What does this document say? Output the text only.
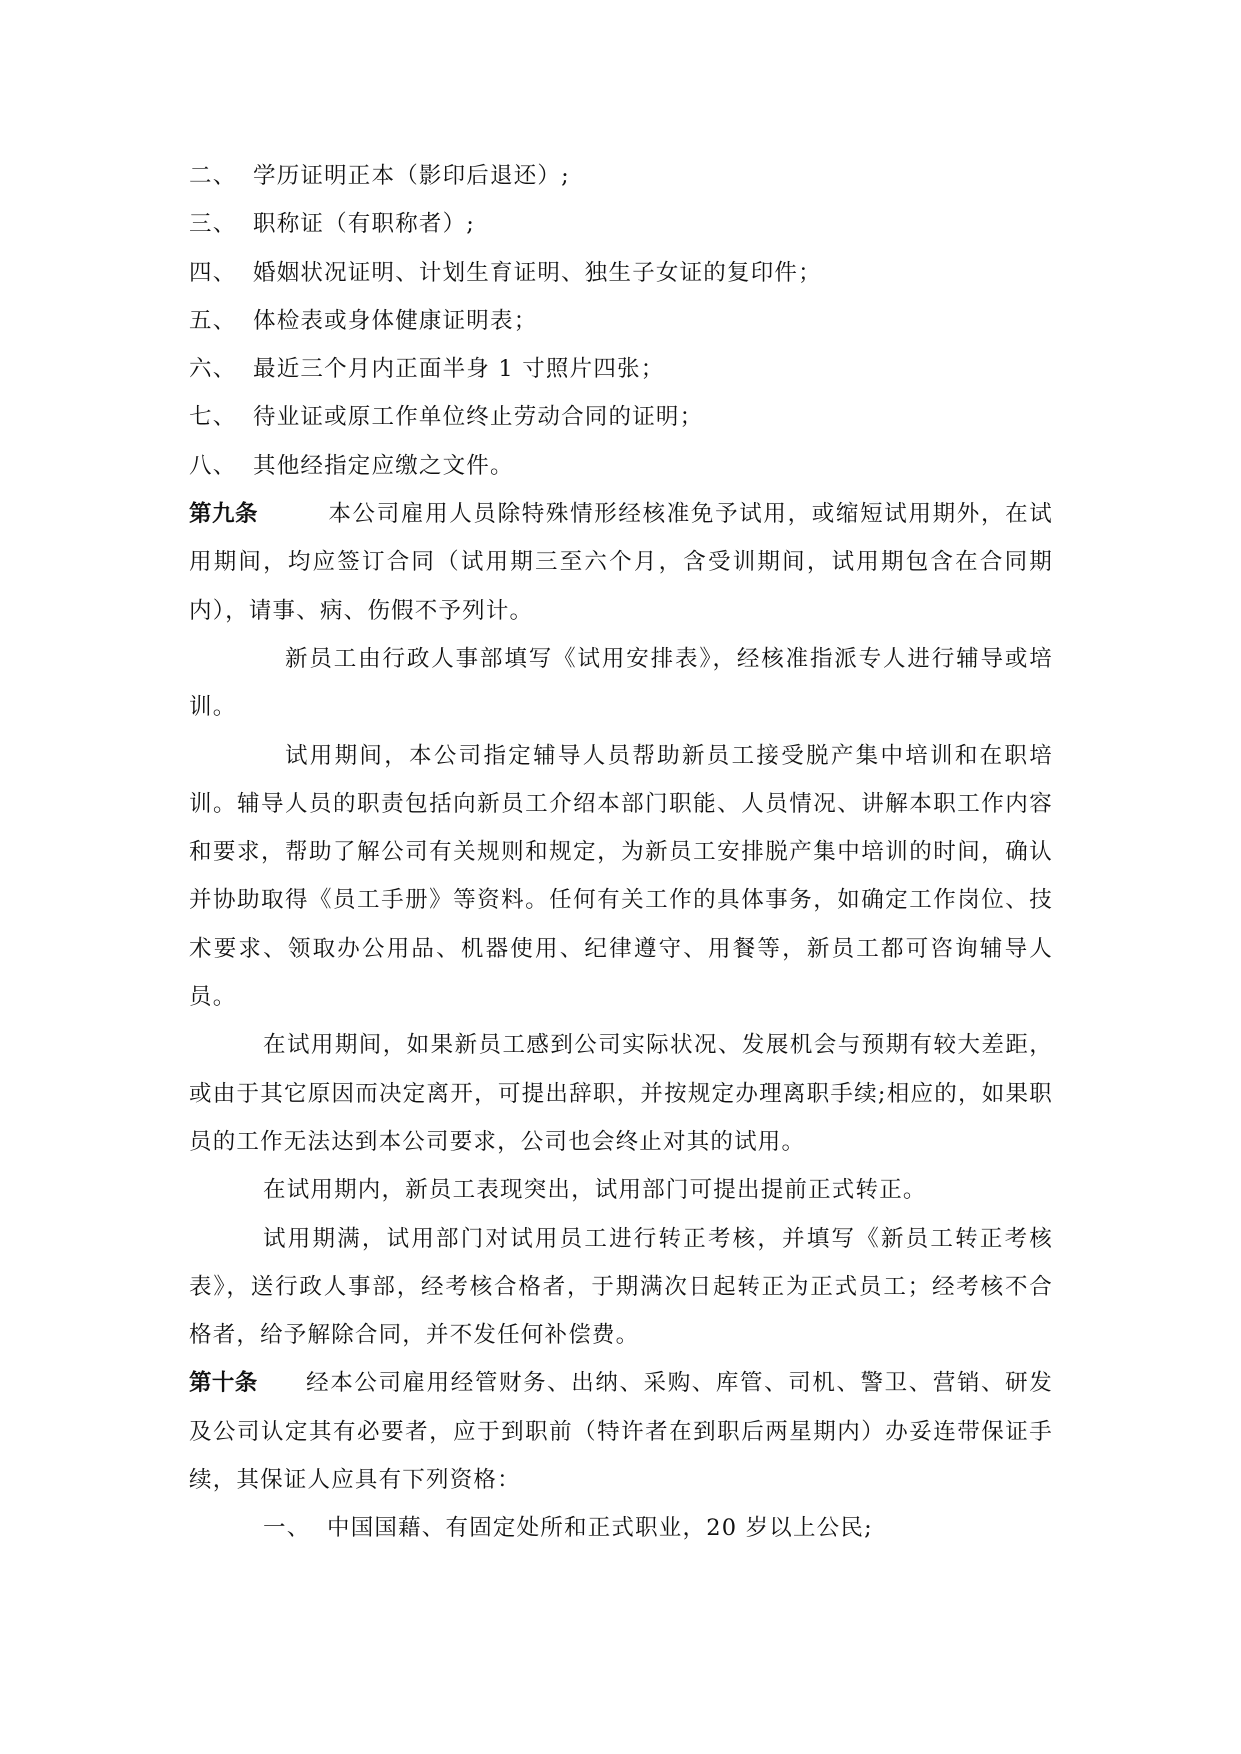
二、 学历证明正本（影印后退还）;
三、 职称证（有职称者）;
四、 婚姻状况证明、计划生育证明、独生子女证的复印件；
五、 体检表或身体健康证明表；
六、 最近三个月内正面半身 1 寸照片四张；
七、 待业证或原工作单位终止劳动合同的证明；
八、 其他经指定应缴之文件。
第九条	本公司雇用人员除特殊情形经核准免予试用，或缩短试用期外，在试用期间，均应签订合同（试用期三至六个月，含受训期间，试用期包含在合同期内），请事、病、伤假不予列计。
新员工由行政人事部填写《试用安排表》，经核准指派专人进行辅导或培训。
试用期间，本公司指定辅导人员帮助新员工接受脱产集中培训和在职培训。辅导人员的职责包括向新员工介绍本部门职能、人员情况、讲解本职工作内容和要求，帮助了解公司有关规则和规定，为新员工安排脱产集中培训的时间，确认并协助取得《员工手册》等资料。任何有关工作的具体事务，如确定工作岗位、技术要求、领取办公用品、机器使用、纪律遵守、用餐等，新员工都可咨询辅导人员。
在试用期间，如果新员工感到公司实际状况、发展机会与预期有较大差距，或由于其它原因而决定离开，可提出辞职，并按规定办理离职手续;相应的，如果职员的工作无法达到本公司要求，公司也会终止对其的试用。
在试用期内，新员工表现突出，试用部门可提出提前正式转正。
试用期满，试用部门对试用员工进行转正考核，并填写《新员工转正考核表》，送行政人事部，经考核合格者，于期满次日起转正为正式员工；经考核不合格者，给予解除合同，并不发任何补偿费。
第十条 经本公司雇用经管财务、出纳、采购、库管、司机、警卫、营销、研发及公司认定其有必要者，应于到职前（特许者在到职后两星期内）办妥连带保证手续，其保证人应具有下列资格：
一、 中国国藉、有固定处所和正式职业，20 岁以上公民;
